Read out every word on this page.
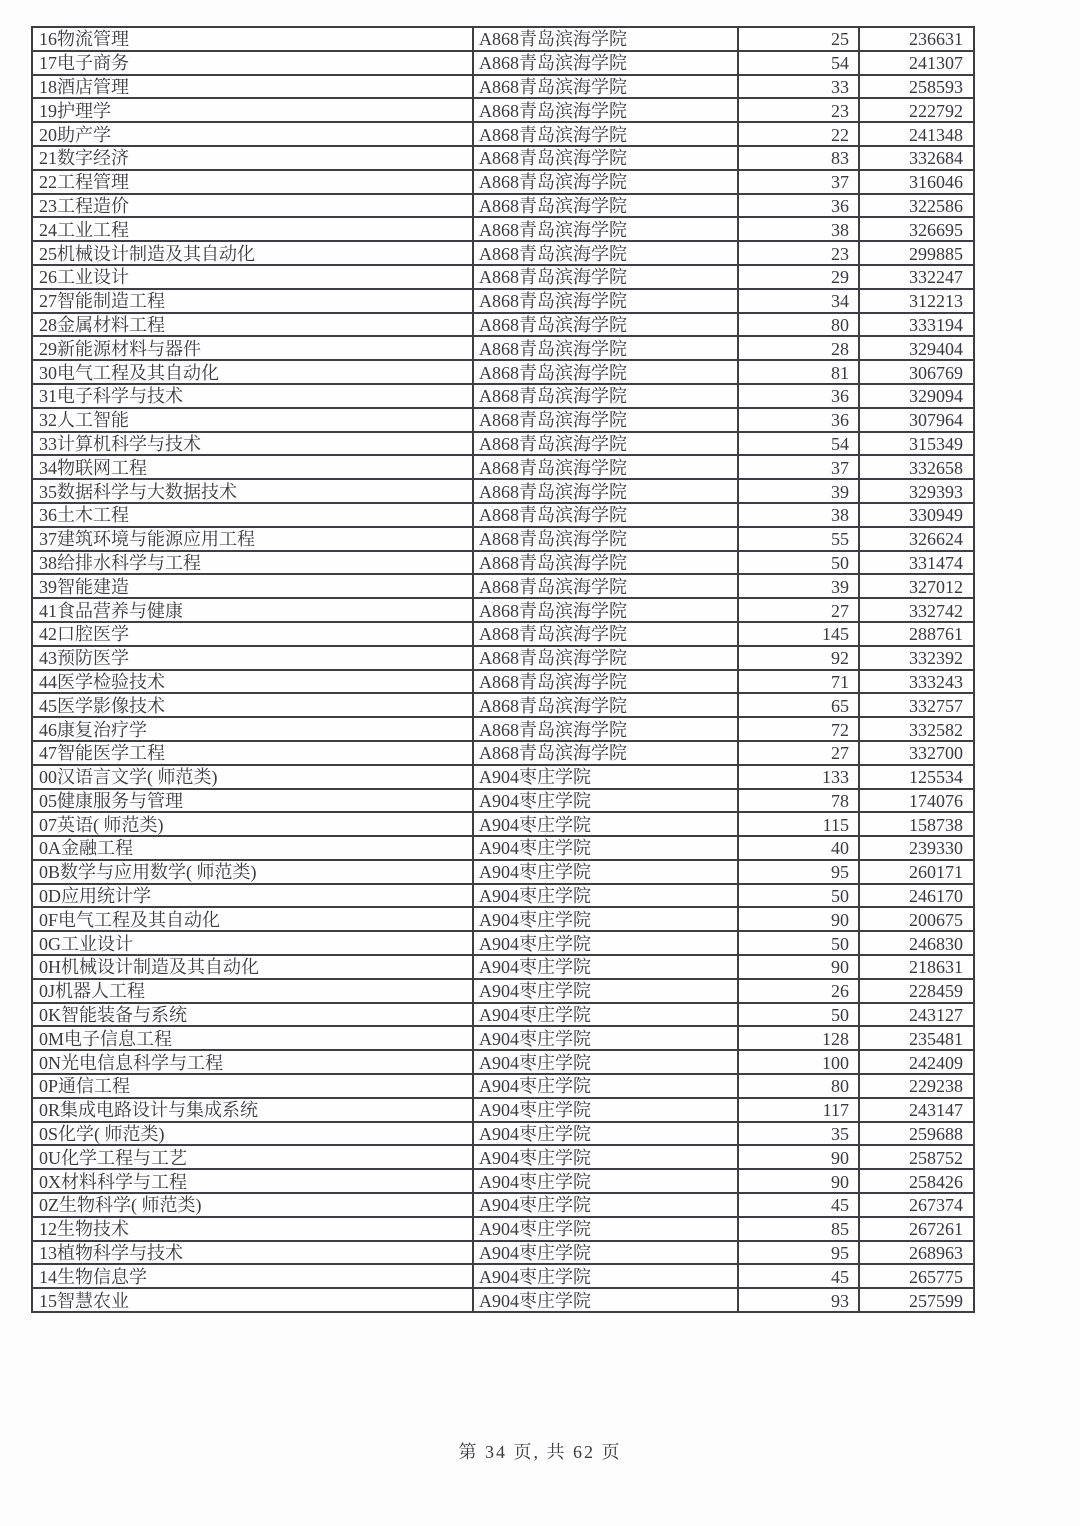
16物流管理	A868青岛滨海学院	25	236631
17电子商务	A868青岛滨海学院	54	241307
18酒店管理	A868青岛滨海学院	33	258593
19护理学	A868青岛滨海学院	23	222792
20助产学	A868青岛滨海学院	22	241348
21数字经济	A868青岛滨海学院	83	332684
22工程管理	A868青岛滨海学院	37	316046
23工程造价	A868青岛滨海学院	36	322586
24工业工程	A868青岛滨海学院	38	326695
25机械设计制造及其自动化	A868青岛滨海学院	23	299885
26工业设计	A868青岛滨海学院	29	332247
27智能制造工程	A868青岛滨海学院	34	312213
28金属材料工程	A868青岛滨海学院	80	333194
29新能源材料与器件	A868青岛滨海学院	28	329404
30电气工程及其自动化	A868青岛滨海学院	81	306769
31电子科学与技术	A868青岛滨海学院	36	329094
32人工智能	A868青岛滨海学院	36	307964
33计算机科学与技术	A868青岛滨海学院	54	315349
34物联网工程	A868青岛滨海学院	37	332658
35数据科学与大数据技术	A868青岛滨海学院	39	329393
36土木工程	A868青岛滨海学院	38	330949
37建筑环境与能源应用工程	A868青岛滨海学院	55	326624
38给排水科学与工程	A868青岛滨海学院	50	331474
39智能建造	A868青岛滨海学院	39	327012
41食品营养与健康	A868青岛滨海学院	27	332742
42口腔医学	A868青岛滨海学院	145	288761
43预防医学	A868青岛滨海学院	92	332392
44医学检验技术	A868青岛滨海学院	71	333243
45医学影像技术	A868青岛滨海学院	65	332757
46康复治疗学	A868青岛滨海学院	72	332582
47智能医学工程	A868青岛滨海学院	27	332700
00汉语言文学( 师范类)	A904枣庄学院	133	125534
05健康服务与管理	A904枣庄学院	78	174076
07英语( 师范类)	A904枣庄学院	115	158738
0A金融工程	A904枣庄学院	40	239330
0B数学与应用数学( 师范类)	A904枣庄学院	95	260171
0D应用统计学	A904枣庄学院	50	246170
0F电气工程及其自动化	A904枣庄学院	90	200675
0G工业设计	A904枣庄学院	50	246830
0H机械设计制造及其自动化	A904枣庄学院	90	218631
0J机器人工程	A904枣庄学院	26	228459
0K智能装备与系统	A904枣庄学院	50	243127
0M电子信息工程	A904枣庄学院	128	235481
0N光电信息科学与工程	A904枣庄学院	100	242409
0P通信工程	A904枣庄学院	80	229238
0R集成电路设计与集成系统	A904枣庄学院	117	243147
0S化学( 师范类)	A904枣庄学院	35	259688
0U化学工程与工艺	A904枣庄学院	90	258752
0X材料科学与工程	A904枣庄学院	90	258426
0Z生物科学( 师范类)	A904枣庄学院	45	267374
12生物技术	A904枣庄学院	85	267261
13植物科学与技术	A904枣庄学院	95	268963
14生物信息学	A904枣庄学院	45	265775
15智慧农业	A904枣庄学院	93	257599
第 34 页, 共 62 页
